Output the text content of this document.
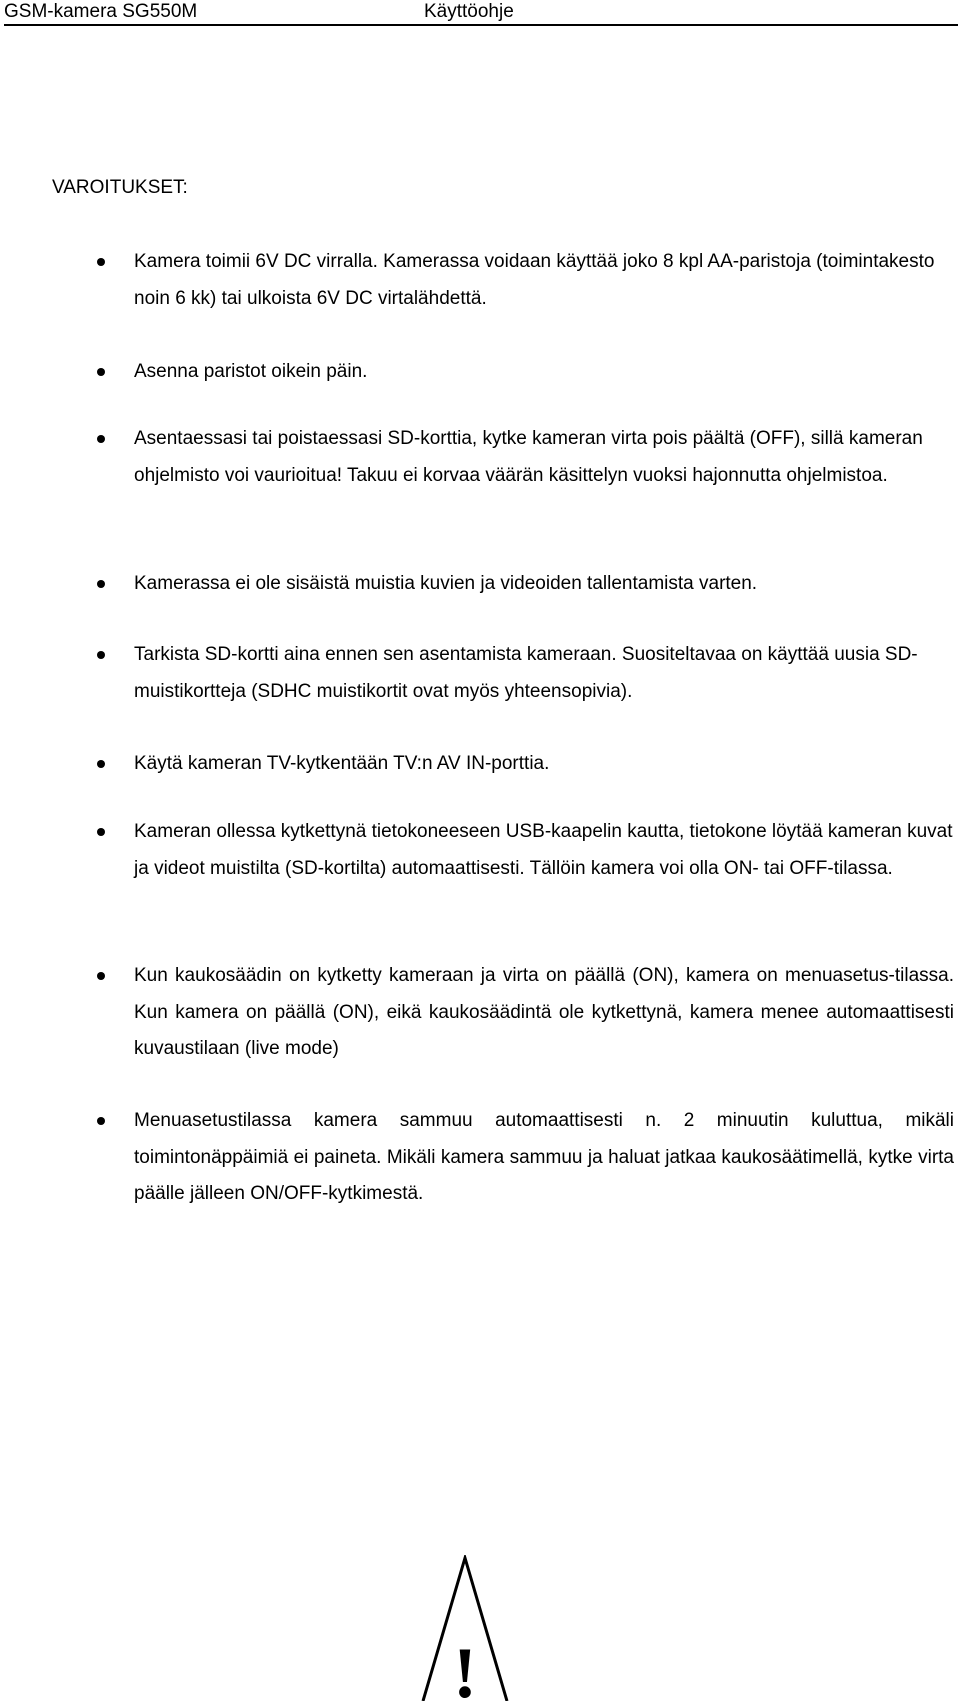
GSM-kamera SG550M	Käyttöohje
VAROITUKSET:
Kamera toimii 6V DC virralla. Kamerassa voidaan käyttää joko 8 kpl AA-paristoja (toimintakesto noin 6 kk) tai ulkoista 6V DC virtalähdettä.
Asenna paristot oikein päin.
Asentaessasi tai poistaessasi SD-korttia, kytke kameran virta pois päältä (OFF), sillä kameran ohjelmisto voi vaurioitua! Takuu ei korvaa väärän käsittelyn vuoksi hajonnutta ohjelmistoa.
Kamerassa ei ole sisäistä muistia kuvien ja videoiden tallentamista varten.
Tarkista SD-kortti aina ennen sen asentamista kameraan. Suositeltavaa on käyttää uusia SD-muistikortteja (SDHC muistikortit ovat myös yhteensopivia).
Käytä kameran TV-kytkentään TV:n AV IN-porttia.
Kameran ollessa kytkettynä tietokoneeseen USB-kaapelin kautta, tietokone löytää kameran kuvat ja videot muistilta (SD-kortilta) automaattisesti. Tällöin kamera voi olla ON- tai OFF-tilassa.
Kun kaukosäädin on kytketty kameraan ja virta on päällä (ON), kamera on menuasetus-tilassa. Kun kamera on päällä (ON), eikä kaukosäädintä ole kytkettynä, kamera menee automaattisesti kuvaustilaan (live mode)
Menuasetustilassa kamera sammuu automaattisesti n. 2 minuutin kuluttua, mikäli toimintonäppäimiä ei paineta. Mikäli kamera sammuu ja haluat jatkaa kaukosäätimellä, kytke virta päälle jälleen ON/OFF-kytkimestä.
!
